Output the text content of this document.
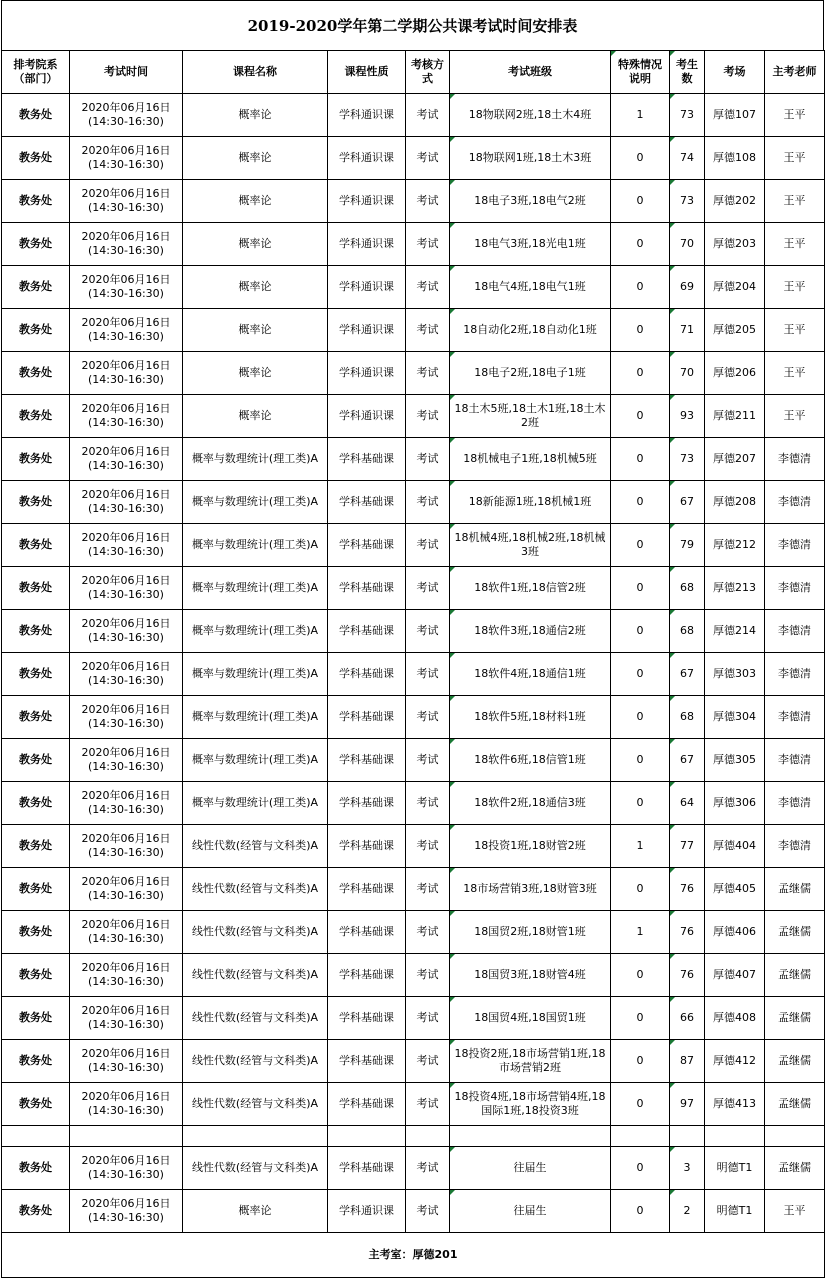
2019-2020学年第二学期公共课考试时间安排表
排考院系（部门）	考试时间	课程名称	课程性质	考核方式	考试班级	特殊情况说明	考生数	考场	主考老师
教务处	2020年06月16日
(14:30-16:30)	概率论	学科通识课	考试	18物联网2班,18土木4班	1	73	厚德107	王平
教务处	2020年06月16日
(14:30-16:30)	概率论	学科通识课	考试	18物联网1班,18土木3班	0	74	厚德108	王平
教务处	2020年06月16日
(14:30-16:30)	概率论	学科通识课	考试	18电子3班,18电气2班	0	73	厚德202	王平
教务处	2020年06月16日
(14:30-16:30)	概率论	学科通识课	考试	18电气3班,18光电1班	0	70	厚德203	王平
教务处	2020年06月16日
(14:30-16:30)	概率论	学科通识课	考试	18电气4班,18电气1班	0	69	厚德204	王平
教务处	2020年06月16日
(14:30-16:30)	概率论	学科通识课	考试	18自动化2班,18自动化1班	0	71	厚德205	王平
教务处	2020年06月16日
(14:30-16:30)	概率论	学科通识课	考试	18电子2班,18电子1班	0	70	厚德206	王平
教务处	2020年06月16日
(14:30-16:30)	概率论	学科通识课	考试	18土木5班,18土木1班,18土木2班	0	93	厚德211	王平
教务处	2020年06月16日
(14:30-16:30)	概率与数理统计(理工类)A	学科基础课	考试	18机械电子1班,18机械5班	0	73	厚德207	李德清
教务处	2020年06月16日
(14:30-16:30)	概率与数理统计(理工类)A	学科基础课	考试	18新能源1班,18机械1班	0	67	厚德208	李德清
教务处	2020年06月16日
(14:30-16:30)	概率与数理统计(理工类)A	学科基础课	考试	18机械4班,18机械2班,18机械3班	0	79	厚德212	李德清
教务处	2020年06月16日
(14:30-16:30)	概率与数理统计(理工类)A	学科基础课	考试	18软件1班,18信管2班	0	68	厚德213	李德清
教务处	2020年06月16日
(14:30-16:30)	概率与数理统计(理工类)A	学科基础课	考试	18软件3班,18通信2班	0	68	厚德214	李德清
教务处	2020年06月16日
(14:30-16:30)	概率与数理统计(理工类)A	学科基础课	考试	18软件4班,18通信1班	0	67	厚德303	李德清
教务处	2020年06月16日
(14:30-16:30)	概率与数理统计(理工类)A	学科基础课	考试	18软件5班,18材料1班	0	68	厚德304	李德清
教务处	2020年06月16日
(14:30-16:30)	概率与数理统计(理工类)A	学科基础课	考试	18软件6班,18信管1班	0	67	厚德305	李德清
教务处	2020年06月16日
(14:30-16:30)	概率与数理统计(理工类)A	学科基础课	考试	18软件2班,18通信3班	0	64	厚德306	李德清
教务处	2020年06月16日
(14:30-16:30)	线性代数(经管与文科类)A	学科基础课	考试	18投资1班,18财管2班	1	77	厚德404	李德清
教务处	2020年06月16日
(14:30-16:30)	线性代数(经管与文科类)A	学科基础课	考试	18市场营销3班,18财管3班	0	76	厚德405	孟继儒
教务处	2020年06月16日
(14:30-16:30)	线性代数(经管与文科类)A	学科基础课	考试	18国贸2班,18财管1班	1	76	厚德406	孟继儒
教务处	2020年06月16日
(14:30-16:30)	线性代数(经管与文科类)A	学科基础课	考试	18国贸3班,18财管4班	0	76	厚德407	孟继儒
教务处	2020年06月16日
(14:30-16:30)	线性代数(经管与文科类)A	学科基础课	考试	18国贸4班,18国贸1班	0	66	厚德408	孟继儒
教务处	2020年06月16日
(14:30-16:30)	线性代数(经管与文科类)A	学科基础课	考试	18投资2班,18市场营销1班,18市场营销2班	0	87	厚德412	孟继儒
教务处	2020年06月16日
(14:30-16:30)	线性代数(经管与文科类)A	学科基础课	考试	18投资4班,18市场营销4班,18国际1班,18投资3班	0	97	厚德413	孟继儒

教务处	2020年06月16日
(14:30-16:30)	线性代数(经管与文科类)A	学科基础课	考试	往届生	0	3	明德T1	孟继儒
教务处	2020年06月16日
(14:30-16:30)	概率论	学科通识课	考试	往届生	0	2	明德T1	王平
主考室：厚德201									
